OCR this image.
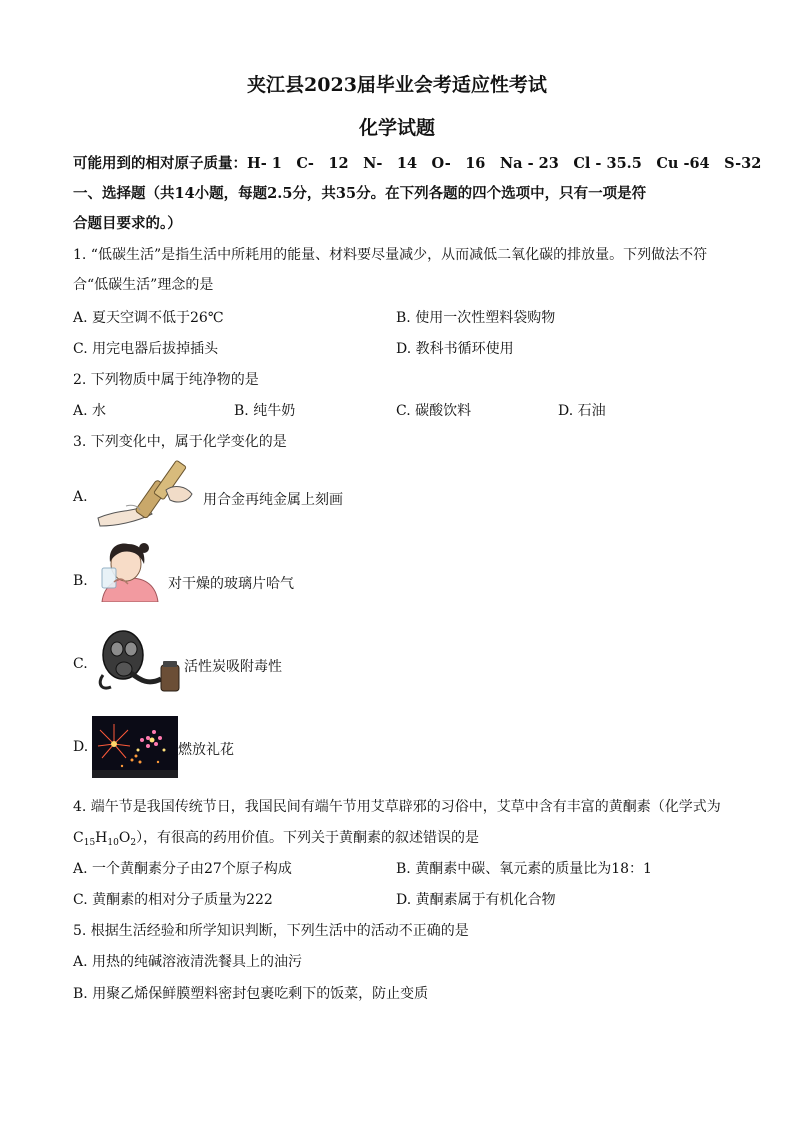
夹江县2023届毕业会考适应性考试
化学试题
可能用到的相对原子质量：H- 1　C-　12　N-　14　O-　16　Na - 23　Cl - 35.5　Cu -64　S-32
一、选择题（共14小题，每题2.5分，共35分。在下列各题的四个选项中，只有一项是符
合题目要求的。）
1. “低碳生活”是指生活中所耗用的能量、材料要尽量减少，从而减低二氧化碳的排放量。下列做法不符
合“低碳生活”理念的是
A. 夏天空调不低于26℃	B. 使用一次性塑料袋购物
C. 用完电器后拔掉插头	D. 教科书循环使用
2. 下列物质中属于纯净物的是
A. 水	B. 纯牛奶	C. 碳酸饮料	D. 石油
3. 下列变化中，属于化学变化的是
A.	用合金再纯金属上刻画
B.	对干燥的玻璃片哈气
C.	活性炭吸附毒性
D.	燃放礼花
4. 端午节是我国传统节日，我国民间有端午节用艾草辟邪的习俗中，艾草中含有丰富的黄酮素（化学式为
$C_{15}H_{10}O_2$），有很高的药用价值。下列关于黄酮素的叙述错误的是
A. 一个黄酮素分子由27个原子构成	B. 黄酮素中碳、氧元素的质量比为18：1
C. 黄酮素的相对分子质量为222	D. 黄酮素属于有机化合物
5. 根据生活经验和所学知识判断，下列生活中的活动不正确的是
A. 用热的纯碱溶液清洗餐具上的油污
B. 用聚乙烯保鲜膜塑料密封包裹吃剩下的饭菜，防止变质
